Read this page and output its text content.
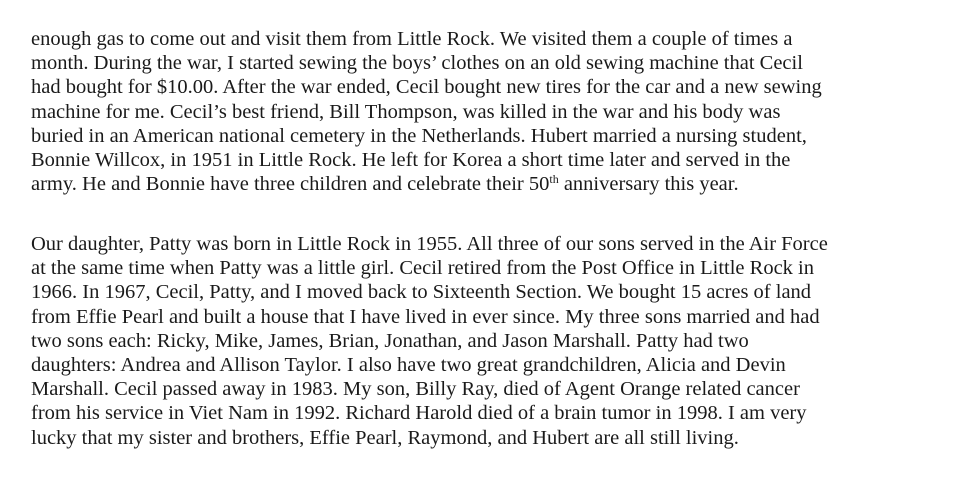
enough gas to come out and visit them from Little Rock. We visited them a couple of times a
month. During the war, I started sewing the boys’ clothes on an old sewing machine that Cecil
had bought for $10.00. After the war ended, Cecil bought new tires for the car and a new sewing
machine for me. Cecil’s best friend, Bill Thompson, was killed in the war and his body was
buried in an American national cemetery in the Netherlands. Hubert married a nursing student,
Bonnie Willcox, in 1951 in Little Rock. He left for Korea a short time later and served in the
army. He and Bonnie have three children and celebrate their 50th anniversary this year.

Our daughter, Patty was born in Little Rock in 1955. All three of our sons served in the Air Force
at the same time when Patty was a little girl. Cecil retired from the Post Office in Little Rock in
1966. In 1967, Cecil, Patty, and I moved back to Sixteenth Section. We bought 15 acres of land
from Effie Pearl and built a house that I have lived in ever since. My three sons married and had
two sons each: Ricky, Mike, James, Brian, Jonathan, and Jason Marshall. Patty had two
daughters: Andrea and Allison Taylor. I also have two great grandchildren, Alicia and Devin
Marshall. Cecil passed away in 1983. My son, Billy Ray, died of Agent Orange related cancer
from his service in Viet Nam in 1992. Richard Harold died of a brain tumor in 1998. I am very
lucky that my sister and brothers, Effie Pearl, Raymond, and Hubert are all still living.
